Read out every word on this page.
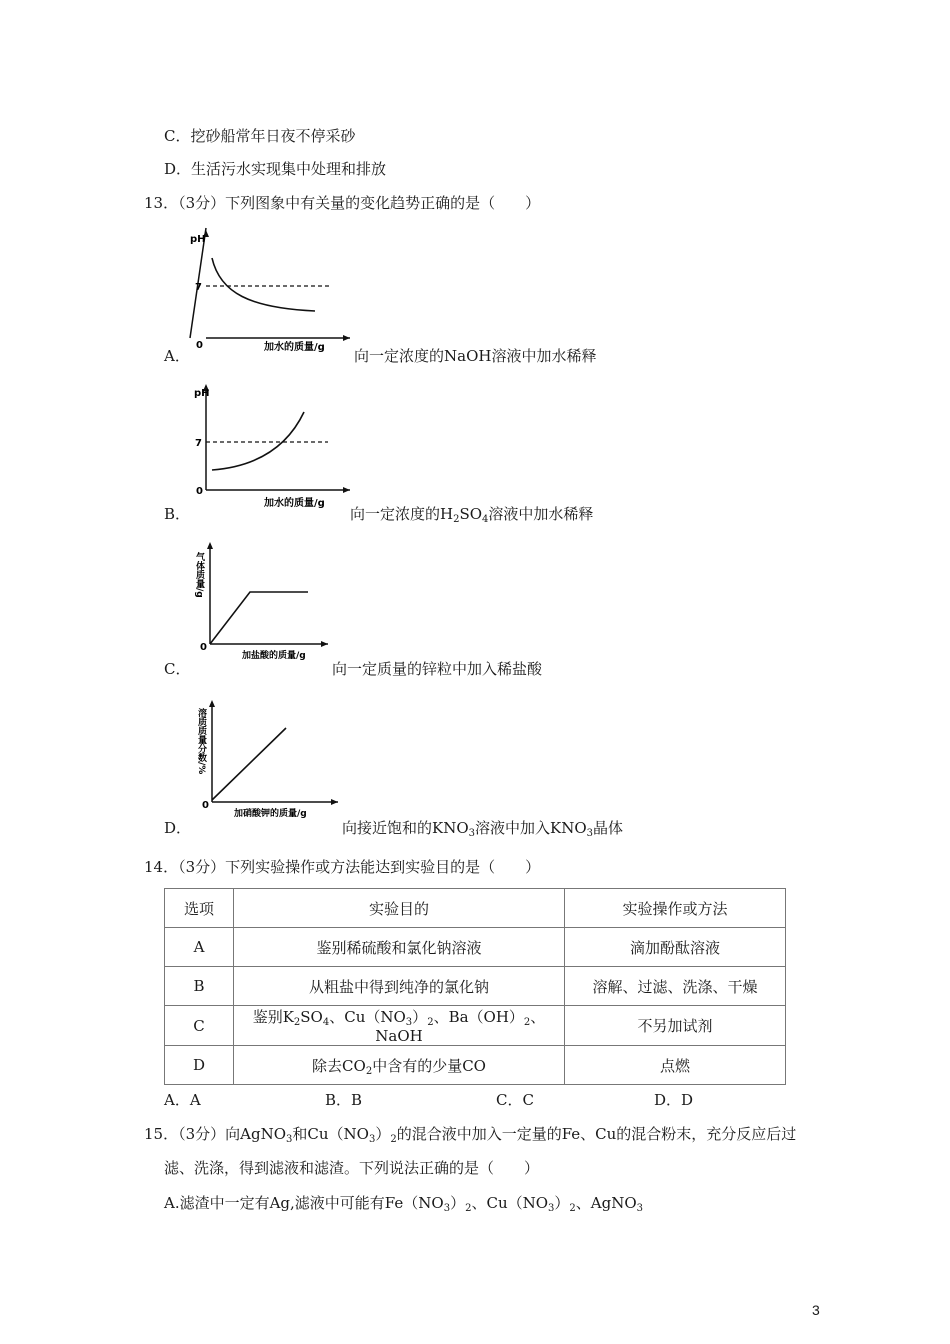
C．挖砂船常年日夜不停采砂
D．生活污水实现集中处理和排放
13．（3分）下列图象中有关量的变化趋势正确的是（　　）
pH
7
0	加水的质量/g
A．	向一定浓度的NaOH溶液中加水稀释
pH
7
0
加水的质量/g
B．	向一定浓度的$H_2SO_4$溶液中加水稀释
气体质量/g
0
加盐酸的质量/g
C．	向一定质量的锌粒中加入稀盐酸
溶质质量分数/%
0
加硝酸钾的质量/g
D．	向接近饱和的$KNO_3$溶液中加入$KNO_3$晶体
14．（3分）下列实验操作或方法能达到实验目的是（　　）
选项	实验目的	实验操作或方法
A	鉴别稀硫酸和氯化钠溶液	滴加酚酞溶液
B	从粗盐中得到纯净的氯化钠	溶解、过滤、洗涤、干燥
C	鉴别$K_2SO_4$、$Cu(NO_3)_2$、$Ba(OH)_2$、NaOH	不另加试剂
D	除去$CO_2$中含有的少量CO	点燃
A．A	B．B	C．C	D．D
15．（3分）向AgNO$_3$和$Cu(NO_3)_2$的混合液中加入一定量的Fe、Cu的混合粉末，充分反应后过
滤、洗涤，得到滤液和滤渣。下列说法正确的是（　　）
A.滤渣中一定有Ag,滤液中可能有$Fe(NO_3)_2$、$Cu(NO_3)_2$、AgNO$_3$
3
